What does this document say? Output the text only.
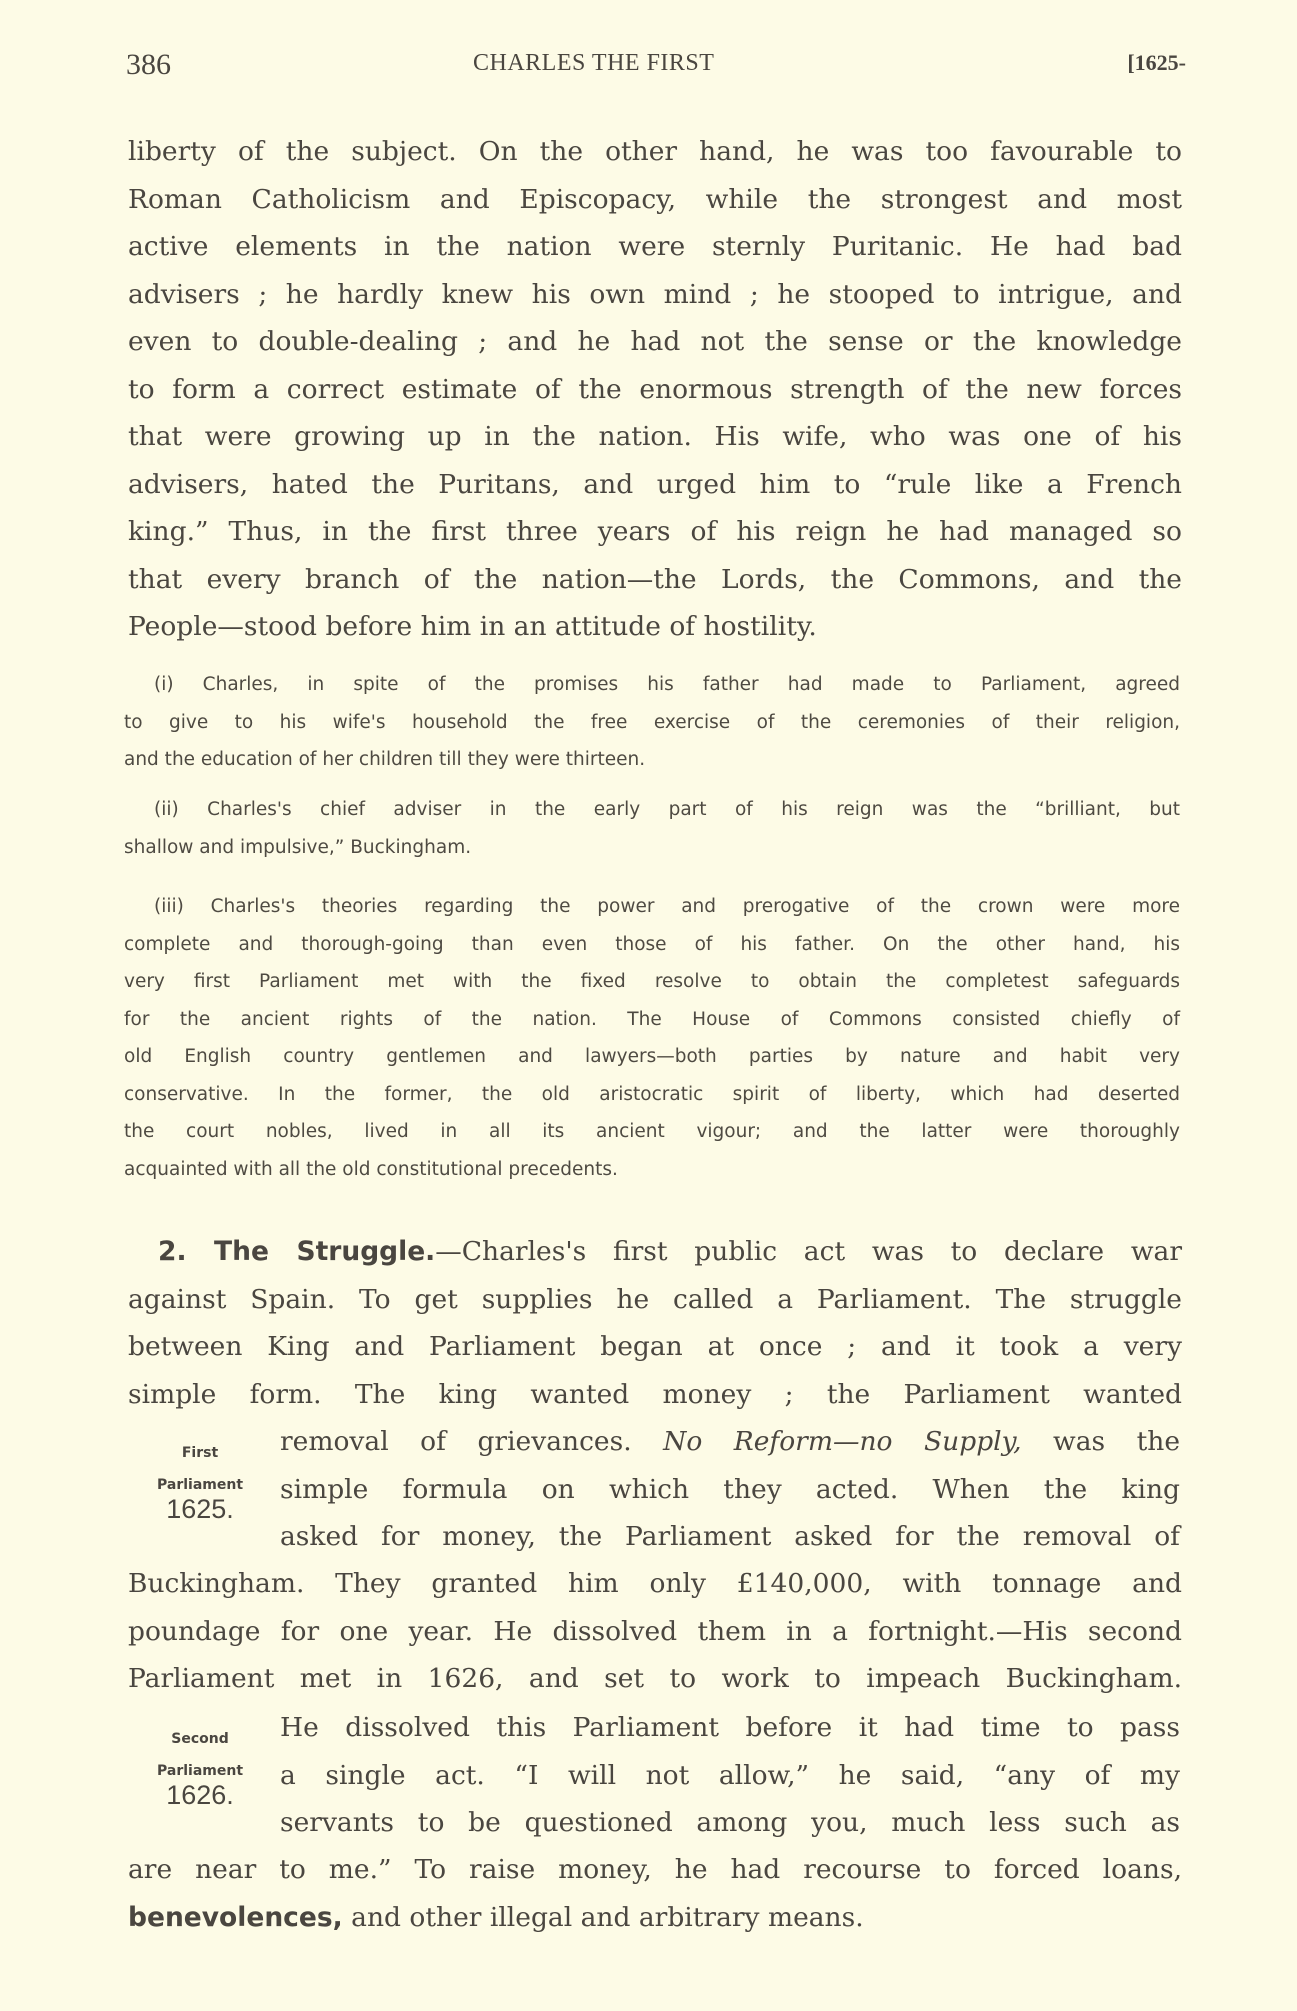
386	CHARLES THE FIRST	[1625-
liberty of the subject. On the other hand, he was too favourable to
Roman Catholicism and Episcopacy, while the strongest and most
active elements in the nation were sternly Puritanic. He had bad
advisers ; he hardly knew his own mind ; he stooped to intrigue, and
even to double-dealing ; and he had not the sense or the knowledge
to form a correct estimate of the enormous strength of the new forces
that were growing up in the nation. His wife, who was one of his
advisers, hated the Puritans, and urged him to “rule like a French
king.” Thus, in the first three years of his reign he had managed so
that every branch of the nation—the Lords, the Commons, and the
People—stood before him in an attitude of hostility.
(i) Charles, in spite of the promises his father had made to Parliament, agreed
to give to his wife's household the free exercise of the ceremonies of their religion,
and the education of her children till they were thirteen.
(ii) Charles's chief adviser in the early part of his reign was the “brilliant, but
shallow and impulsive,” Buckingham.
(iii) Charles's theories regarding the power and prerogative of the crown were more
complete and thorough-going than even those of his father. On the other hand, his
very first Parliament met with the fixed resolve to obtain the completest safeguards
for the ancient rights of the nation. The House of Commons consisted chiefly of
old English country gentlemen and lawyers—both parties by nature and habit very
conservative. In the former, the old aristocratic spirit of liberty, which had deserted
the court nobles, lived in all its ancient vigour; and the latter were thoroughly
acquainted with all the old constitutional precedents.
2. The Struggle.—Charles's first public act was to declare war
against Spain. To get supplies he called a Parliament. The struggle
between King and Parliament began at once ; and it took a very
simple form. The king wanted money ; the Parliament wanted
removal of grievances. No Reform—no Supply, was the
simple formula on which they acted. When the king
asked for money, the Parliament asked for the removal of
First
Parliament
1625.
Buckingham. They granted him only £140,000, with tonnage and
poundage for one year. He dissolved them in a fortnight.—His second
Parliament met in 1626, and set to work to impeach Buckingham.
He dissolved this Parliament before it had time to pass
a single act. “I will not allow,” he said, “any of my
servants to be questioned among you, much less such as
Second
Parliament
1626.
are near to me.” To raise money, he had recourse to forced loans,
benevolences, and other illegal and arbitrary means.
